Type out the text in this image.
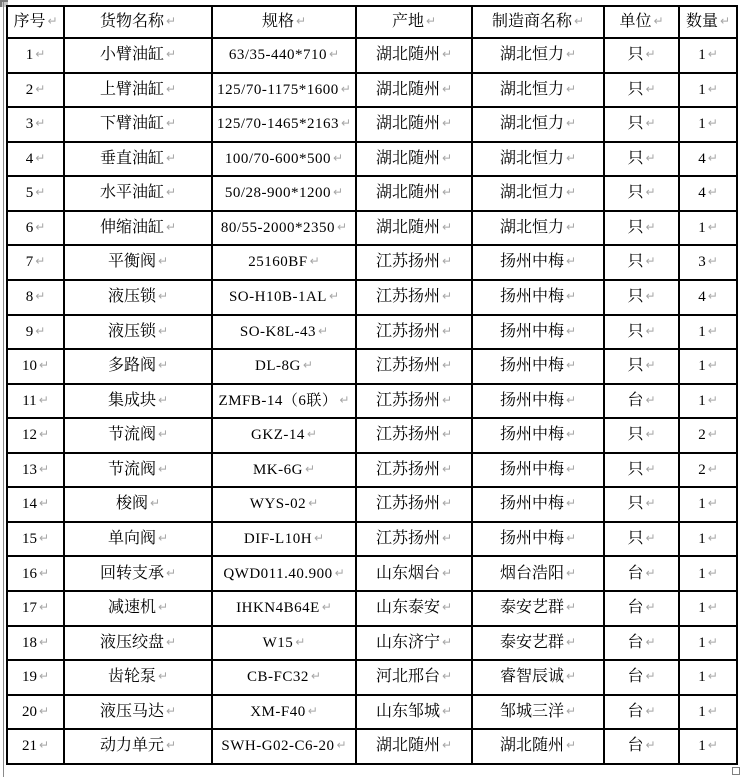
序号 ↵	货物名称 ↵	规格 ↵	产地 ↵	制造商名称 ↵	单位 ↵	数量 ↵
1 ↵	小臂油缸 ↵	63/35-440*710 ↵	湖北随州 ↵	湖北恒力 ↵	只 ↵	1 ↵
2 ↵	上臂油缸 ↵	125/70-1175*1600 ↵	湖北随州 ↵	湖北恒力 ↵	只 ↵	1 ↵
3 ↵	下臂油缸 ↵	125/70-1465*2163 ↵	湖北随州 ↵	湖北恒力 ↵	只 ↵	1 ↵
4 ↵	垂直油缸 ↵	100/70-600*500 ↵	湖北随州 ↵	湖北恒力 ↵	只 ↵	4 ↵
5 ↵	水平油缸 ↵	50/28-900*1200 ↵	湖北随州 ↵	湖北恒力 ↵	只 ↵	4 ↵
6 ↵	伸缩油缸 ↵	80/55-2000*2350 ↵	湖北随州 ↵	湖北恒力 ↵	只 ↵	1 ↵
7 ↵	平衡阀 ↵	25160BF ↵	江苏扬州 ↵	扬州中梅 ↵	只 ↵	3 ↵
8 ↵	液压锁 ↵	SO-H10B-1AL ↵	江苏扬州 ↵	扬州中梅 ↵	只 ↵	4 ↵
9 ↵	液压锁 ↵	SO-K8L-43 ↵	江苏扬州 ↵	扬州中梅 ↵	只 ↵	1 ↵
10 ↵	多路阀 ↵	DL-8G ↵	江苏扬州 ↵	扬州中梅 ↵	只 ↵	1 ↵
11 ↵	集成块 ↵	ZMFB-14（6联） ↵	江苏扬州 ↵	扬州中梅 ↵	台 ↵	1 ↵
12 ↵	节流阀 ↵	GKZ-14 ↵	江苏扬州 ↵	扬州中梅 ↵	只 ↵	2 ↵
13 ↵	节流阀 ↵	MK-6G ↵	江苏扬州 ↵	扬州中梅 ↵	只 ↵	2 ↵
14 ↵	梭阀 ↵	WYS-02 ↵	江苏扬州 ↵	扬州中梅 ↵	只 ↵	1 ↵
15 ↵	单向阀 ↵	DIF-L10H ↵	江苏扬州 ↵	扬州中梅 ↵	只 ↵	1 ↵
16 ↵	回转支承 ↵	QWD011.40.900 ↵	山东烟台 ↵	烟台浩阳 ↵	台 ↵	1 ↵
17 ↵	减速机 ↵	IHKN4B64E ↵	山东泰安 ↵	泰安艺群 ↵	台 ↵	1 ↵
18 ↵	液压绞盘 ↵	W15 ↵	山东济宁 ↵	泰安艺群 ↵	台 ↵	1 ↵
19 ↵	齿轮泵 ↵	CB-FC32 ↵	河北邢台 ↵	睿智辰诚 ↵	台 ↵	1 ↵
20 ↵	液压马达 ↵	XM-F40 ↵	山东邹城 ↵	邹城三洋 ↵	台 ↵	1 ↵
21 ↵	动力单元 ↵	SWH-G02-C6-20 ↵	湖北随州 ↵	湖北随州 ↵	台 ↵	1 ↵
